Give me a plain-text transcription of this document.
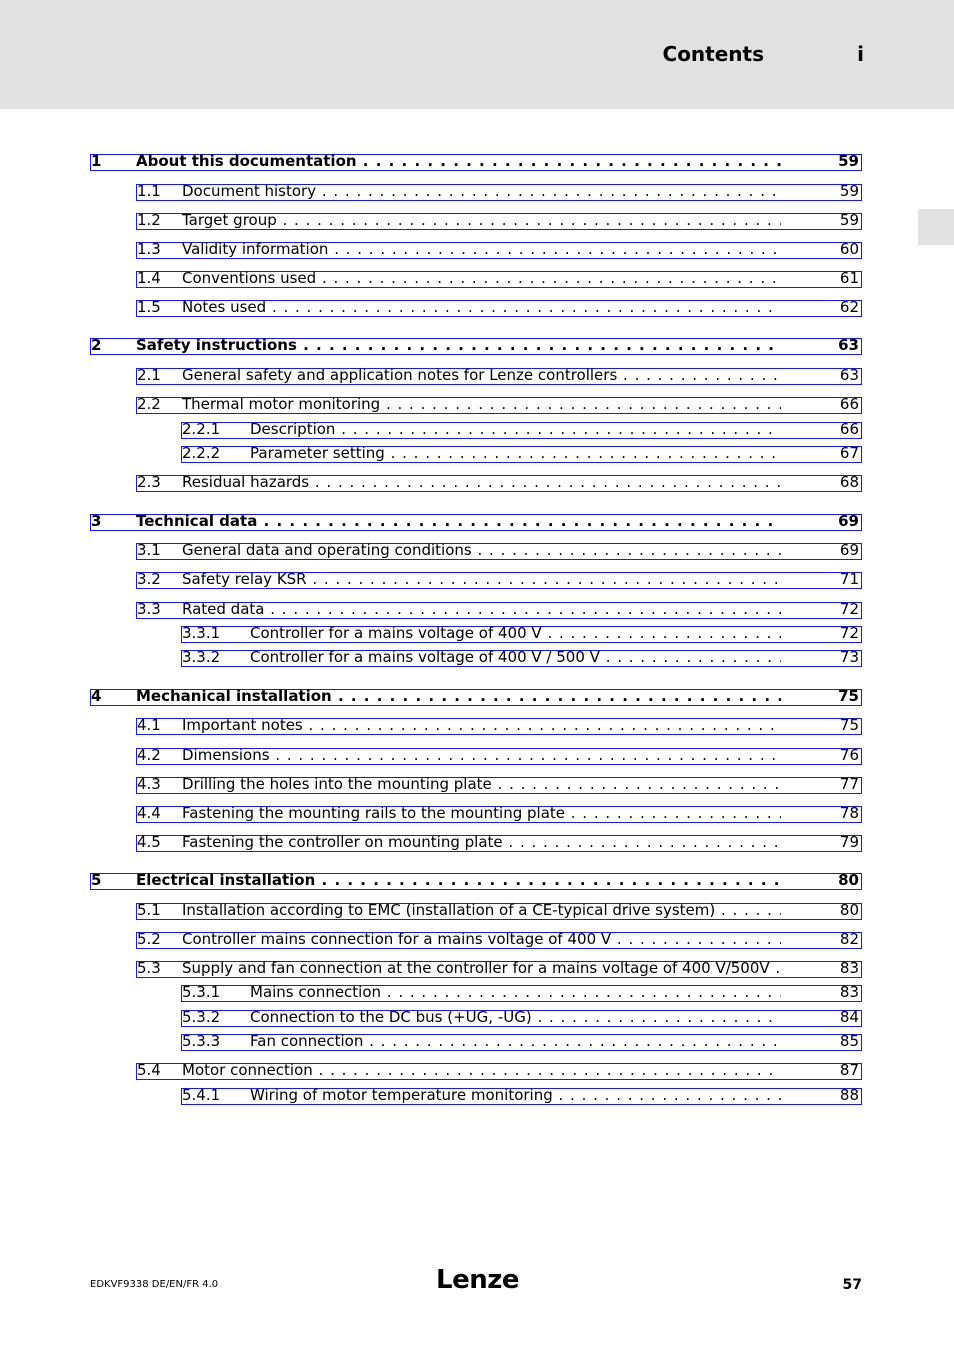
Contents	i
1 About this documentation . . .	59
1.1 Document history . . .	59
1.2 Target group . . .	59
1.3 Validity information . . .	60
1.4 Conventions used . . .	61
1.5 Notes used . . .	62
2 Safety instructions . . .	63
2.1 General safety and application notes for Lenze controllers . . .	63
2.2 Thermal motor monitoring . . .	66
2.2.1 Description . . .	66
2.2.2 Parameter setting . . .	67
2.3 Residual hazards . . .	68
3 Technical data . . .	69
3.1 General data and operating conditions . . .	69
3.2 Safety relay KSR . . .	71
3.3 Rated data . . .	72
3.3.1 Controller for a mains voltage of 400 V . . .	72
3.3.2 Controller for a mains voltage of 400 V / 500 V . . .	73
4 Mechanical installation . . .	75
4.1 Important notes . . .	75
4.2 Dimensions . . .	76
4.3 Drilling the holes into the mounting plate . . .	77
4.4 Fastening the mounting rails to the mounting plate . . .	78
4.5 Fastening the controller on mounting plate . . .	79
5 Electrical installation . . .	80
5.1 Installation according to EMC (installation of a CE-typical drive system) . . .	80
5.2 Controller mains connection for a mains voltage of 400 V . . .	82
5.3 Supply and fan connection at the controller for a mains voltage of 400 V/500V . . .	83
5.3.1 Mains connection . . .	83
5.3.2 Connection to the DC bus (+UG, -UG) . . .	84
5.3.3 Fan connection . . .	85
5.4 Motor connection . . .	87
5.4.1 Wiring of motor temperature monitoring . . .	88
EDKVF9338 DE/EN/FR 4.0	Lenze	57
